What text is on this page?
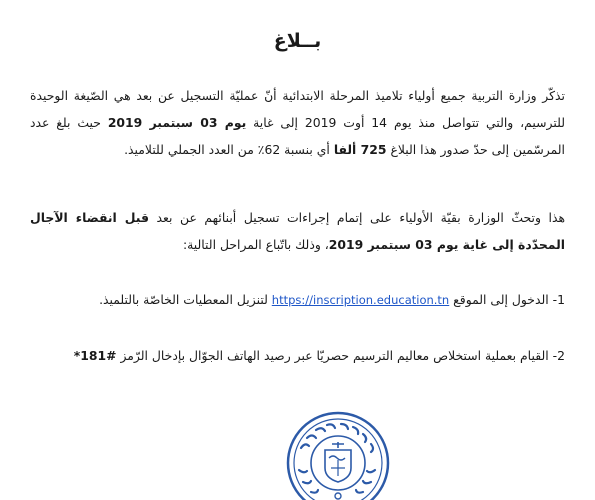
بــلاغ
تذكّر وزارة التربية جميع أولياء تلاميذ المرحلة الابتدائية أنّ عمليّة التسجيل عن بعد هي الصّيغة الوحيدة للترسيم، والتي تتواصل منذ يوم 14 أوت 2019 إلى غاية يوم 03 سبتمبر 2019 حيث بلغ عدد المرسّمين إلى حدّ صدور هذا البلاغ 725 ألفا أي بنسبة 62٪ من العدد الجملي للتلاميذ.
هذا وتحثّ الوزارة بقيّة الأولياء على إتمام إجراءات تسجيل أبنائهم عن بعد قبل انقضاء الآجال المحدّدة إلى غاية يوم 03 سبتمبر 2019، وذلك باتّباع المراحل التالية:
1- الدخول إلى الموقع https://inscription.education.tn لتنزيل المعطيات الخاصّة بالتلميذ.
2- القيام بعملية استخلاص معاليم الترسيم حصريّا عبر رصيد الهاتف الجوّال بإدخال الرّمز *181#
